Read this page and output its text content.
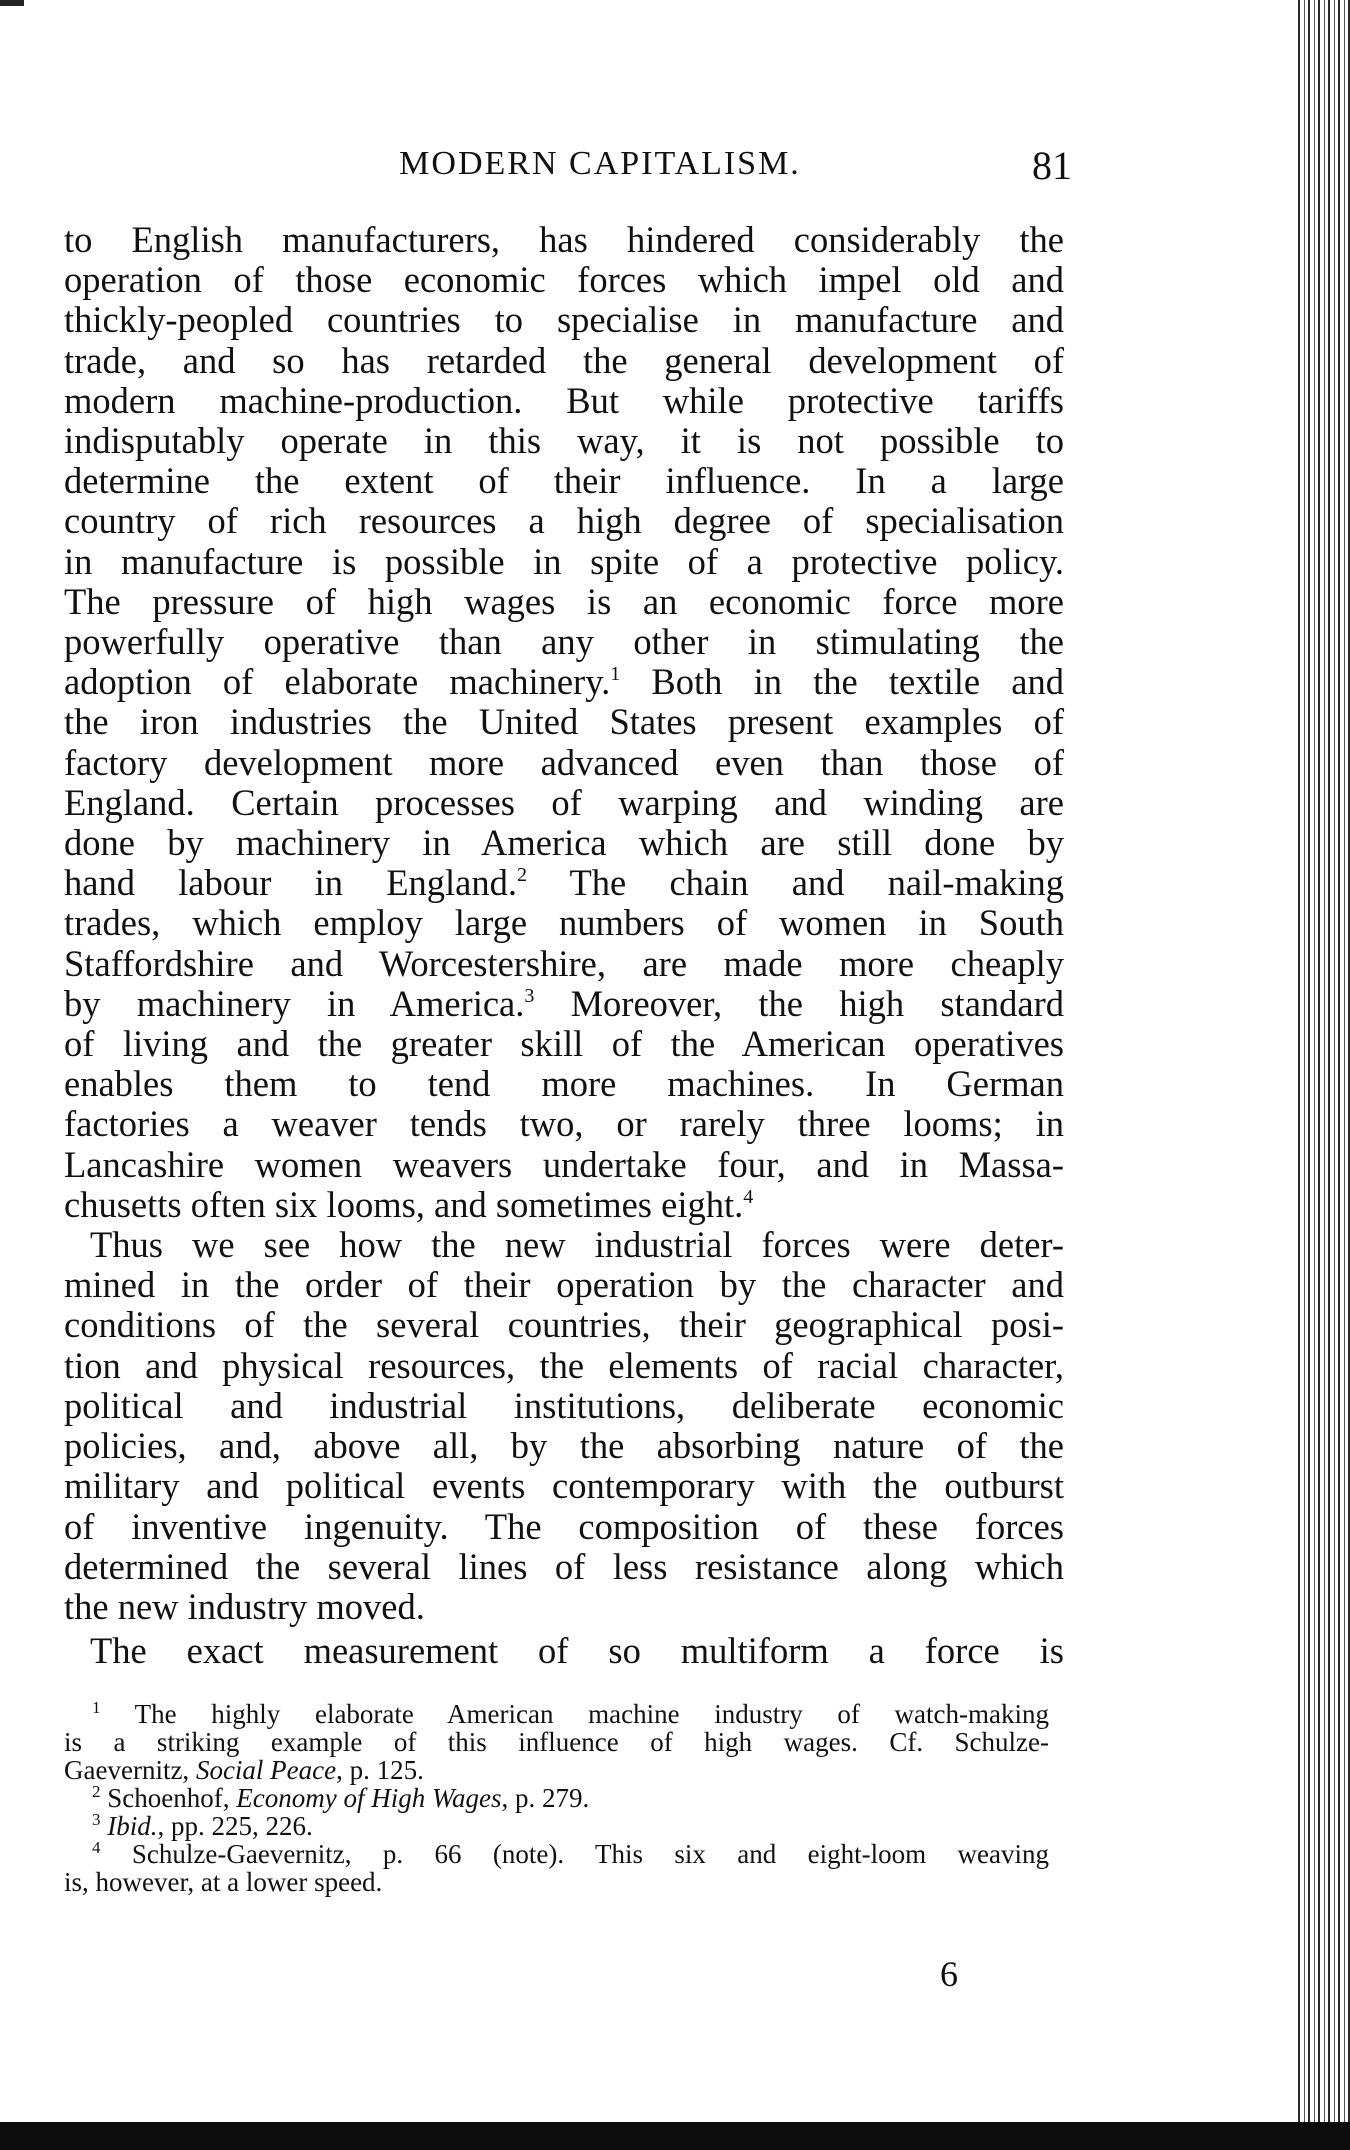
MODERN CAPITALISM.	81

to English manufacturers, has hindered considerably the
operation of those economic forces which impel old and
thickly-peopled countries to specialise in manufacture and
trade, and so has retarded the general development of
modern machine-production. But while protective tariffs
indisputably operate in this way, it is not possible to
determine the extent of their influence. In a large
country of rich resources a high degree of specialisation
in manufacture is possible in spite of a protective policy.
The pressure of high wages is an economic force more
powerfully operative than any other in stimulating the
adoption of elaborate machinery.$^1$ Both in the textile and
the iron industries the United States present examples of
factory development more advanced even than those of
England. Certain processes of warping and winding are
done by machinery in America which are still done by
hand labour in England.$^2$ The chain and nail-making
trades, which employ large numbers of women in South
Staffordshire and Worcestershire, are made more cheaply
by machinery in America.$^3$ Moreover, the high standard
of living and the greater skill of the American operatives
enables them to tend more machines. In German
factories a weaver tends two, or rarely three looms; in
Lancashire women weavers undertake four, and in Massa-
chusetts often six looms, and sometimes eight.$^4$

Thus we see how the new industrial forces were deter-
mined in the order of their operation by the character and
conditions of the several countries, their geographical posi-
tion and physical resources, the elements of racial character,
political and industrial institutions, deliberate economic
policies, and, above all, by the absorbing nature of the
military and political events contemporary with the outburst
of inventive ingenuity. The composition of these forces
determined the several lines of less resistance along which
the new industry moved.

The exact measurement of so multiform a force is

$^1$ The highly elaborate American machine industry of watch-making
is a striking example of this influence of high wages. Cf. Schulze-
Gaevernitz, Social Peace, p. 125.
$^2$ Schoenhof, Economy of High Wages, p. 279.
$^3$ Ibid., pp. 225, 226.
$^4$ Schulze-Gaevernitz, p. 66 (note). This six and eight-loom weaving
is, however, at a lower speed.
6
